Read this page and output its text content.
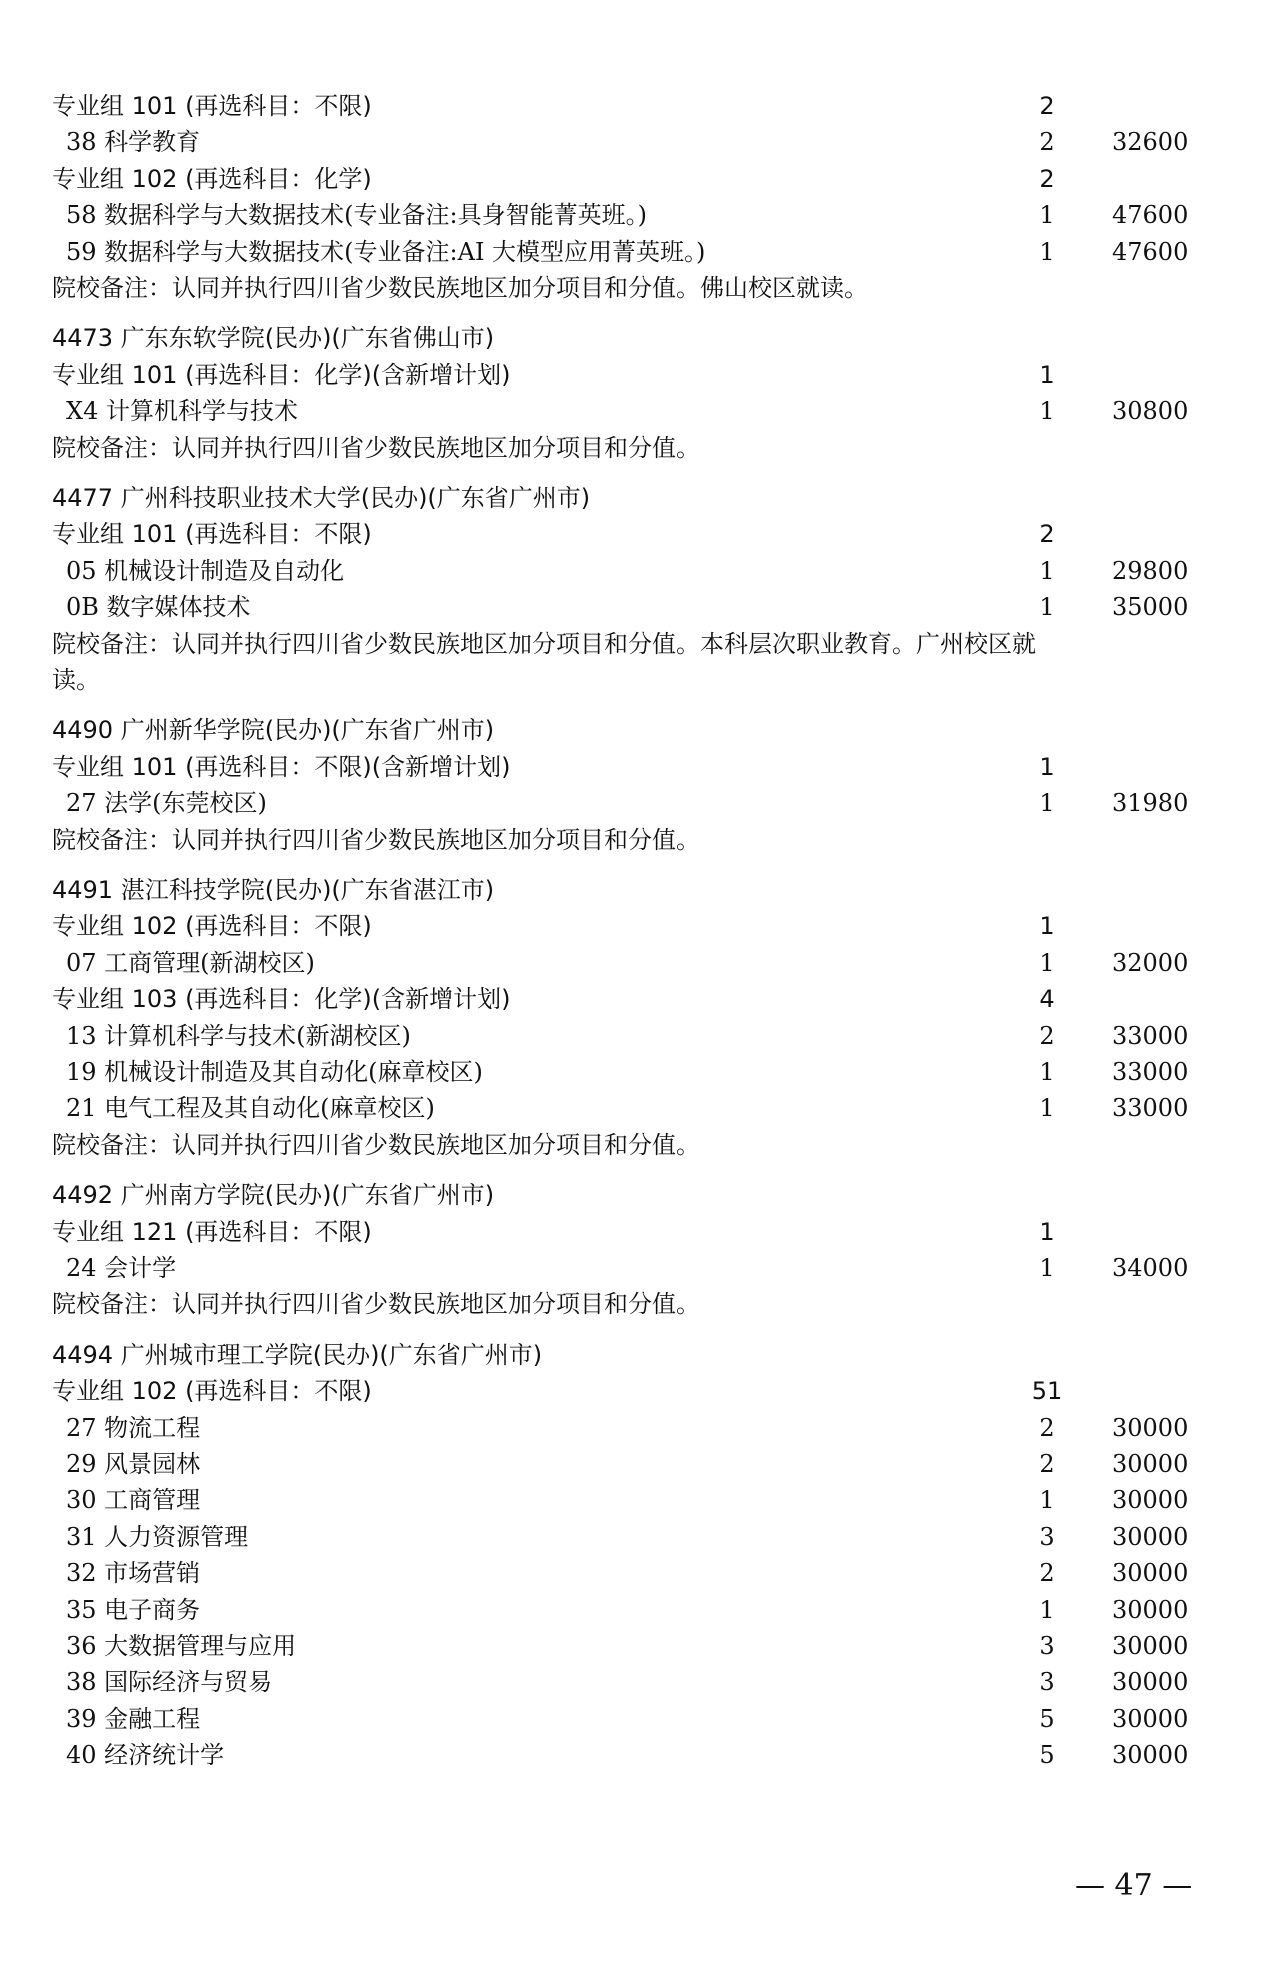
专业组 101 (再选科目：不限)	2
38 科学教育	2	32600
专业组 102 (再选科目：化学)	2
58 数据科学与大数据技术(专业备注:具身智能菁英班。)	1	47600
59 数据科学与大数据技术(专业备注:AI 大模型应用菁英班。)	1	47600
院校备注：认同并执行四川省少数民族地区加分项目和分值。佛山校区就读。
4473 广东东软学院(民办)(广东省佛山市)
专业组 101 (再选科目：化学)(含新增计划)	1
X4 计算机科学与技术	1	30800
院校备注：认同并执行四川省少数民族地区加分项目和分值。
4477 广州科技职业技术大学(民办)(广东省广州市)
专业组 101 (再选科目：不限)	2
05 机械设计制造及自动化	1	29800
0B 数字媒体技术	1	35000
院校备注：认同并执行四川省少数民族地区加分项目和分值。本科层次职业教育。广州校区就
读。
4490 广州新华学院(民办)(广东省广州市)
专业组 101 (再选科目：不限)(含新增计划)	1
27 法学(东莞校区)	1	31980
院校备注：认同并执行四川省少数民族地区加分项目和分值。
4491 湛江科技学院(民办)(广东省湛江市)
专业组 102 (再选科目：不限)	1
07 工商管理(新湖校区)	1	32000
专业组 103 (再选科目：化学)(含新增计划)	4
13 计算机科学与技术(新湖校区)	2	33000
19 机械设计制造及其自动化(麻章校区)	1	33000
21 电气工程及其自动化(麻章校区)	1	33000
院校备注：认同并执行四川省少数民族地区加分项目和分值。
4492 广州南方学院(民办)(广东省广州市)
专业组 121 (再选科目：不限)	1
24 会计学	1	34000
院校备注：认同并执行四川省少数民族地区加分项目和分值。
4494 广州城市理工学院(民办)(广东省广州市)
专业组 102 (再选科目：不限)	51
27 物流工程	2	30000
29 风景园林	2	30000
30 工商管理	1	30000
31 人力资源管理	3	30000
32 市场营销	2	30000
35 电子商务	1	30000
36 大数据管理与应用	3	30000
38 国际经济与贸易	3	30000
39 金融工程	5	30000
40 经济统计学	5	30000
— 47 —
